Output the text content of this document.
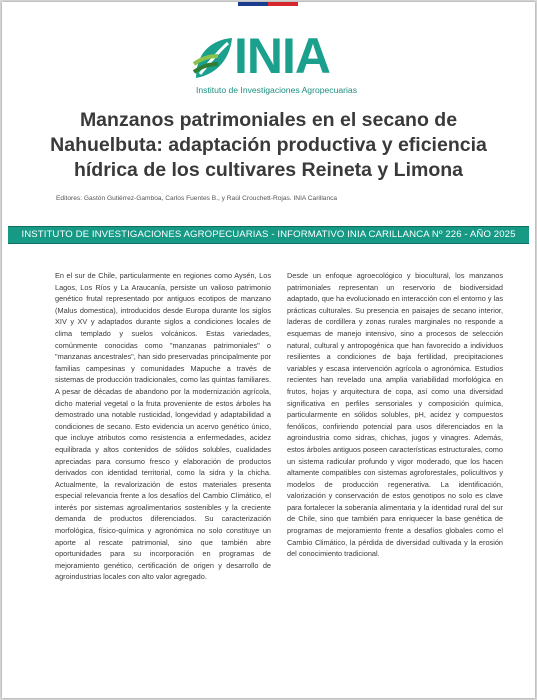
INIA
Instituto de Investigaciones Agropecuarias
Manzanos patrimoniales en el secano de Nahuelbuta: adaptación productiva y eficiencia hídrica de los cultivares Reineta y Limona

Editores: Gastón Gutiérrez-Gamboa, Carlos Fuentes B., y Raúl Crouchett-Rojas. INIA Carillanca

INSTITUTO DE INVESTIGACIONES AGROPECUARIAS - INFORMATIVO INIA CARILLANCA Nº 226 - AÑO 2025

En el sur de Chile, particularmente en regiones como Aysén, Los Lagos, Los Ríos y La Araucanía, persiste un valioso patrimonio genético frutal representado por antiguos ecotipos de manzano (Malus domestica), introducidos desde Europa durante los siglos XIV y XV y adaptados durante siglos a condiciones locales de clima templado y suelos volcánicos. Estas variedades, comúnmente conocidas como "manzanas patrimoniales" o "manzanas ancestrales", han sido preservadas principalmente por familias campesinas y comunidades Mapuche a través de sistemas de producción tradicionales, como las quintas familiares. A pesar de décadas de abandono por la modernización agrícola, dicho material vegetal o la fruta proveniente de estos árboles ha demostrado una notable rusticidad, longevidad y adaptabilidad a condiciones de secano. Esto evidencia un acervo genético único, que incluye atributos como resistencia a enfermedades, acidez equilibrada y altos contenidos de sólidos solubles, cualidades apreciadas para consumo fresco y elaboración de productos derivados con identidad territorial, como la sidra y la chicha. Actualmente, la revalorización de estos materiales presenta especial relevancia frente a los desafíos del Cambio Climático, el interés por sistemas agroalimentarios sostenibles y la creciente demanda de productos diferenciados. Su caracterización morfológica, físico-química y agronómica no solo constituye un aporte al rescate patrimonial, sino que también abre oportunidades para su incorporación en programas de mejoramiento genético, certificación de origen y desarrollo de agroindustrias locales con alto valor agregado.

Desde un enfoque agroecológico y biocultural, los manzanos patrimoniales representan un reservorio de biodiversidad adaptado, que ha evolucionado en interacción con el entorno y las prácticas culturales. Su presencia en paisajes de secano interior, laderas de cordillera y zonas rurales marginales no responde a esquemas de manejo intensivo, sino a procesos de selección natural, cultural y antropogénica que han favorecido a individuos resilientes a condiciones de baja fertilidad, precipitaciones variables y escasa intervención agrícola o agronómica. Estudios recientes han revelado una amplia variabilidad morfológica en frutos, hojas y arquitectura de copa, así como una diversidad significativa en perfiles sensoriales y composición química, particularmente en sólidos solubles, pH, acidez y compuestos fenólicos, confiriendo potencial para usos diferenciados en la agroindustria como sidras, chichas, jugos y vinagres. Además, estos árboles antiguos poseen características estructurales, como un sistema radicular profundo y vigor moderado, que los hacen altamente compatibles con sistemas agroforestales, policultivos y modelos de producción regenerativa. La identificación, valorización y conservación de estos genotipos no solo es clave para fortalecer la soberanía alimentaria y la identidad rural del sur de Chile, sino que también para enriquecer la base genética de programas de mejoramiento frente a desafíos globales como el Cambio Climático, la pérdida de diversidad cultivada y la erosión del conocimiento tradicional.
